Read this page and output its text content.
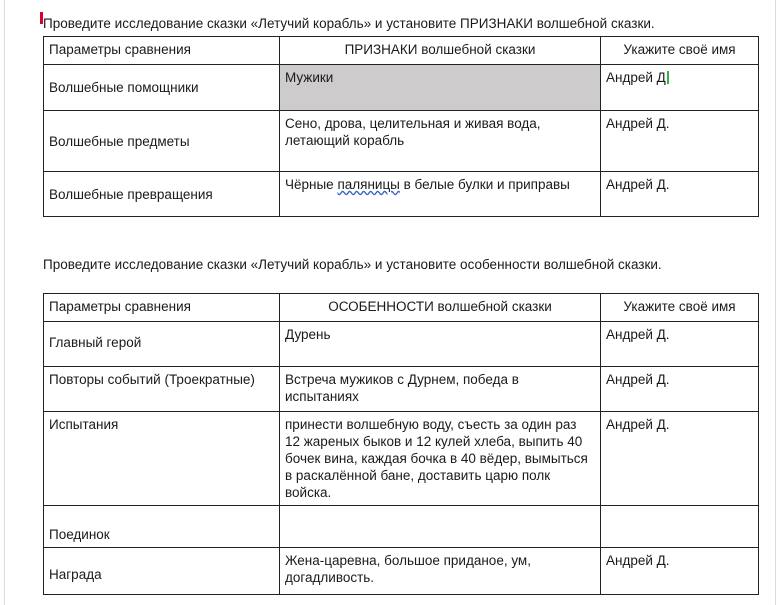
Проведите исследование сказки «Летучий корабль» и установите ПРИЗНАКИ волшебной сказки.
Параметры сравнения	ПРИЗНАКИ волшебной сказки	Укажите своё имя
Волшебные помощники	Мужики	Андрей Д
Волшебные предметы	Сено, дрова, целительная и живая вода, летающий корабль	Андрей Д.
Волшебные превращения	Чёрные паляницы в белые булки и приправы	Андрей Д.
Проведите исследование сказки «Летучий корабль» и установите особенности волшебной сказки.
Параметры сравнения	ОСОБЕННОСТИ волшебной сказки	Укажите своё имя

Главный герой	Дурень	Андрей Д.
Повторы событий (Троекратные)	Встреча мужиков с Дурнем, победа в испытаниях	Андрей Д.
Испытания	принести волшебную воду, съесть за один раз 12 жареных быков и 12 кулей хлеба, выпить 40 бочек вина, каждая бочка в 40 вёдер, вымыться в раскалённой бане, доставить царю полк войска.	Андрей Д.

Поединок		

Награда	Жена-царевна, большое приданое, ум, догадливость.	Андрей Д.
